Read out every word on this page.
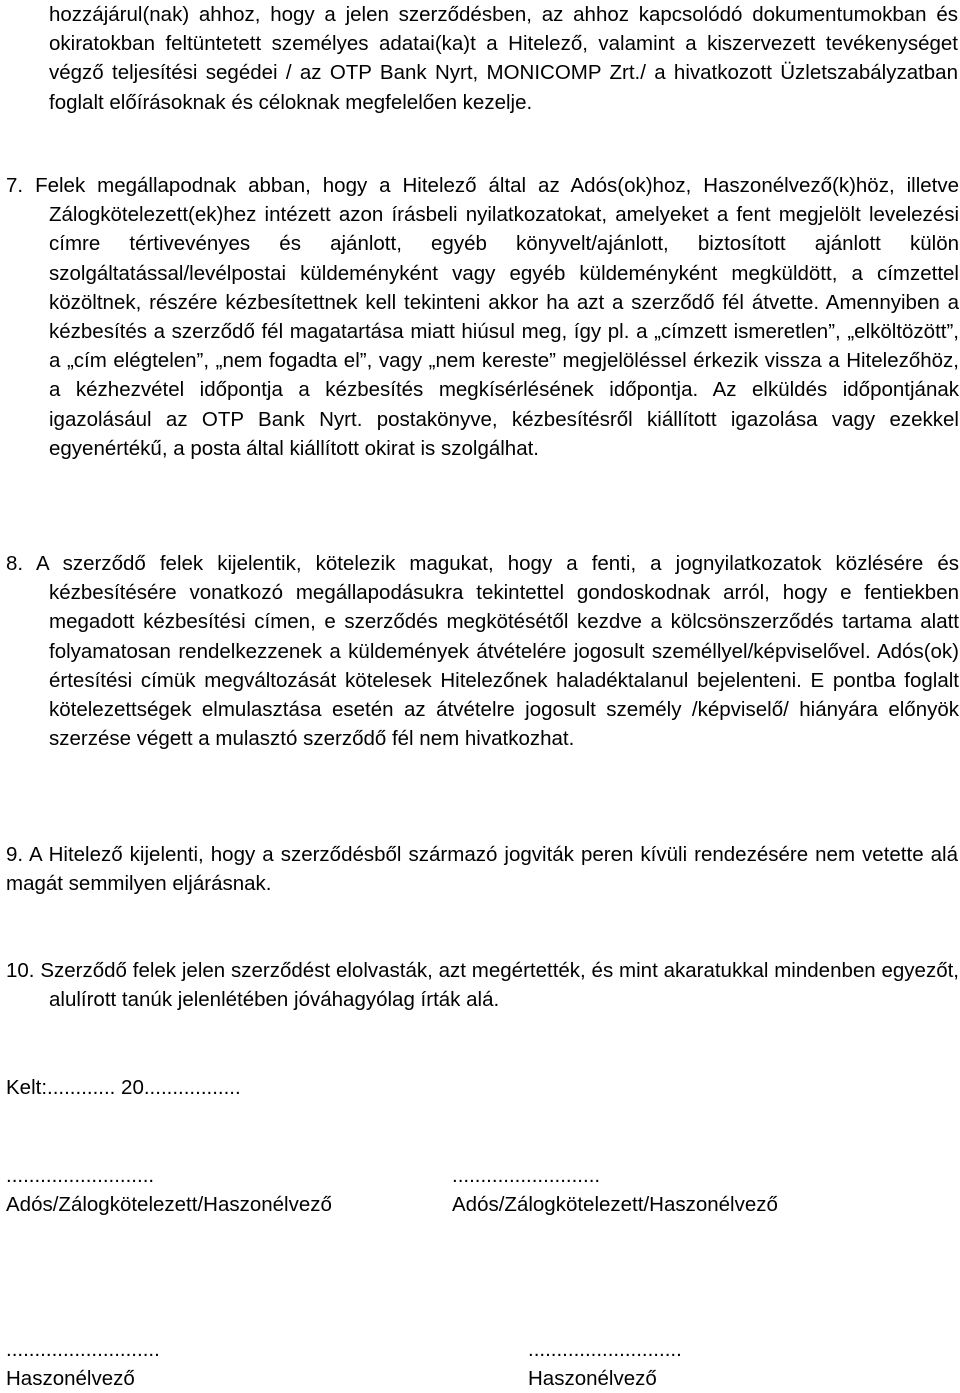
hozzájárul(nak) ahhoz, hogy a jelen szerződésben, az ahhoz kapcsolódó dokumentumokban és okiratokban feltüntetett személyes adatai(ka)t a Hitelező, valamint a kiszervezett tevékenységet végző teljesítési segédei / az OTP Bank Nyrt, MONICOMP Zrt./ a hivatkozott Üzletszabályzatban foglalt előírásoknak és céloknak megfelelően kezelje.

7. Felek megállapodnak abban, hogy a Hitelező által az Adós(ok)hoz, Haszonélvező(k)höz, illetve Zálogkötelezett(ek)hez intézett azon írásbeli nyilatkozatokat, amelyeket a fent megjelölt levelezési címre tértivevényes és ajánlott, egyéb könyvelt/ajánlott, biztosított ajánlott külön szolgáltatással/levélpostai küldeményként vagy egyéb küldeményként megküldött, a címzettel közöltnek, részére kézbesítettnek kell tekinteni akkor ha azt a szerződő fél átvette. Amennyiben a kézbesítés a szerződő fél magatartása miatt hiúsul meg, így pl. a „címzett ismeretlen”, „elköltözött”, a „cím elégtelen”, „nem fogadta el”, vagy „nem kereste” megjelöléssel érkezik vissza a Hitelezőhöz, a kézhezvétel időpontja a kézbesítés megkísérlésének időpontja. Az elküldés időpontjának igazolásául az OTP Bank Nyrt. postakönyve, kézbesítésről kiállított igazolása vagy ezekkel egyenértékű, a posta által kiállított okirat is szolgálhat.

8. A szerződő felek kijelentik, kötelezik magukat, hogy a fenti, a jognyilatkozatok közlésére és kézbesítésére vonatkozó megállapodásukra tekintettel gondoskodnak arról, hogy e fentiekben megadott kézbesítési címen, e szerződés megkötésétől kezdve a kölcsönszerződés tartama alatt folyamatosan rendelkezzenek a küldemények átvételére jogosult személlyel/képviselővel. Adós(ok) értesítési címük megváltozását kötelesek Hitelezőnek haladéktalanul bejelenteni. E pontba foglalt kötelezettségek elmulasztása esetén az átvételre jogosult személy /képviselő/ hiányára előnyök szerzése végett a mulasztó szerződő fél nem hivatkozhat.

9. A Hitelező kijelenti, hogy a szerződésből származó jogviták peren kívüli rendezésére nem vetette alá magát semmilyen eljárásnak.

10. Szerződő felek jelen szerződést elolvasták, azt megértették, és mint akaratukkal mindenben egyezőt, alulírott tanúk jelenlétében jóváhagyólag írták alá.

Kelt:............ 20.................
..........................
Adós/Zálogkötelezett/Haszonélvező
..........................
Adós/Zálogkötelezett/Haszonélvező
...........................
Haszonélvező
...........................
Haszonélvező
